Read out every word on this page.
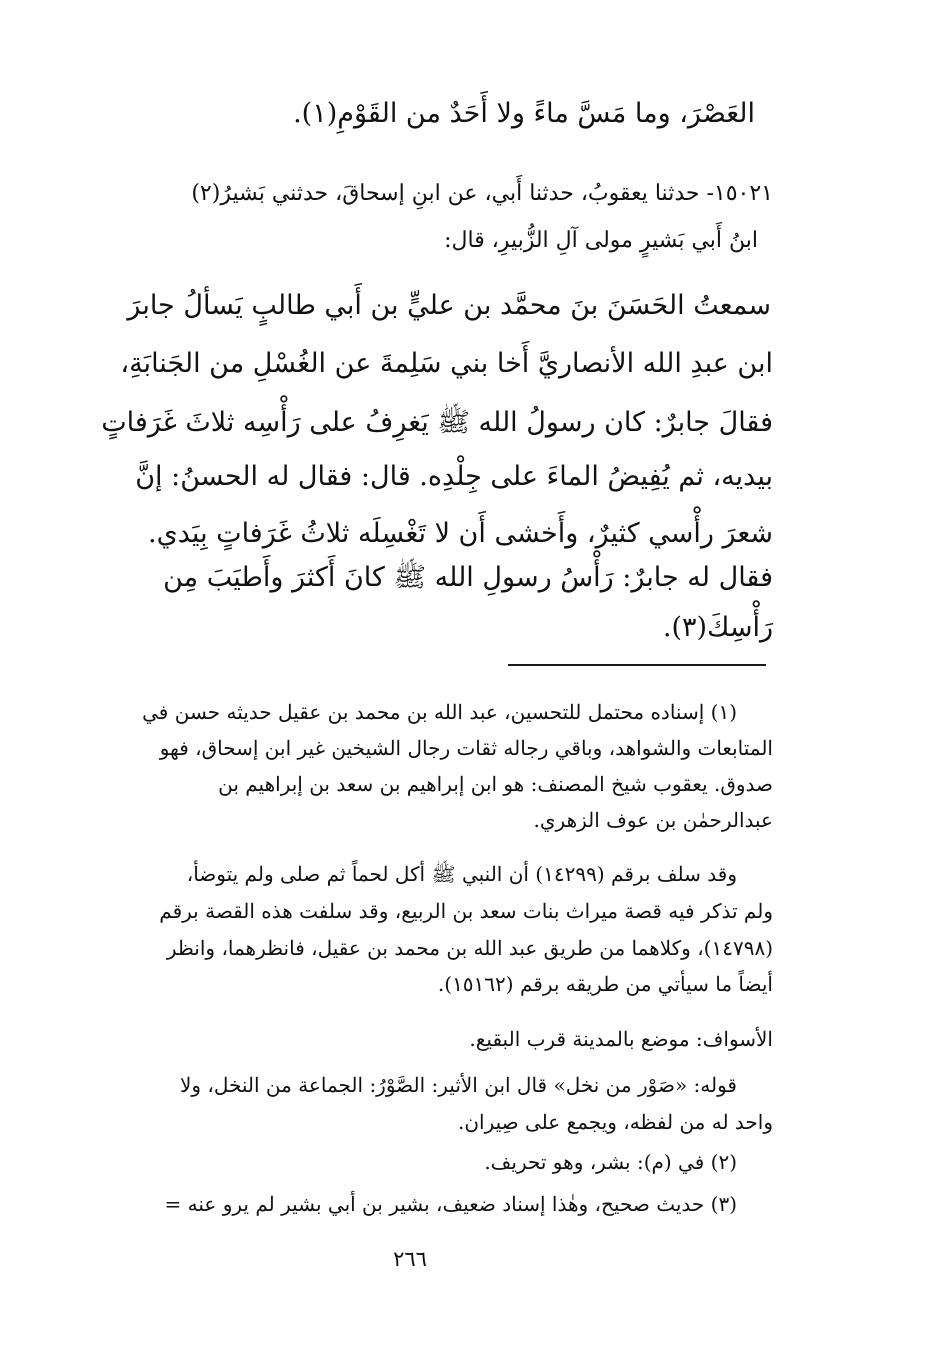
العَصْرَ، وما مَسَّ ماءً ولا أَحَدٌ من القَوْمِ(١).
١٥٠٢١- حدثنا يعقوبُ، حدثنا أَبي، عن ابنِ إسحاقَ، حدثني بَشيرُ(٢)
ابنُ أَبي بَشيرٍ مولى آلِ الزُّبيرِ، قال:
سمعتُ الحَسَنَ بنَ محمَّد بن عليٍّ بن أَبي طالبٍ يَسألُ جابرَ
ابن عبدِ الله الأنصاريَّ أَخا بني سَلِمةَ عن الغُسْلِ من الجَنابَةِ،
فقالَ جابرٌ: كان رسولُ الله ﷺ يَغرِفُ على رَأْسِه ثلاثَ غَرَفاتٍ
بيديه، ثم يُفِيضُ الماءَ على جِلْدِه. قال: فقال له الحسنُ: إنَّ
شعرَ رأْسي كثيرٌ، وأَخشى أَن لا تَغْسِلَه ثلاثُ غَرَفاتٍ بِيَدي.
فقال له جابرٌ: رَأْسُ رسولِ الله ﷺ كانَ أَكثرَ وأَطيَبَ مِن
رَأْسِكَ(٣).
(١) إسناده محتمل للتحسين، عبد الله بن محمد بن عقيل حديثه حسن في
المتابعات والشواهد، وباقي رجاله ثقات رجال الشيخين غير ابن إسحاق، فهو
صدوق. يعقوب شيخ المصنف: هو ابن إبراهيم بن سعد بن إبراهيم بن
عبدالرحمٰن بن عوف الزهري.
وقد سلف برقم (١٤٢٩٩) أن النبي ﷺ أكل لحماً ثم صلى ولم يتوضأ،
ولم تذكر فيه قصة ميراث بنات سعد بن الربيع، وقد سلفت هذه القصة برقم
(١٤٧٩٨)، وكلاهما من طريق عبد الله بن محمد بن عقيل، فانظرهما، وانظر
أيضاً ما سيأتي من طريقه برقم (١٥١٦٢).
الأسواف: موضع بالمدينة قرب البقيع.
قوله: «صَوْر من نخل» قال ابن الأثير: الصَّوْرُ: الجماعة من النخل، ولا
واحد له من لفظه، ويجمع على صِيران.
(٢) في (م): بشر، وهو تحريف.
(٣) حديث صحيح، وهٰذا إسناد ضعيف، بشير بن أبي بشير لم يرو عنه =
٢٦٦
